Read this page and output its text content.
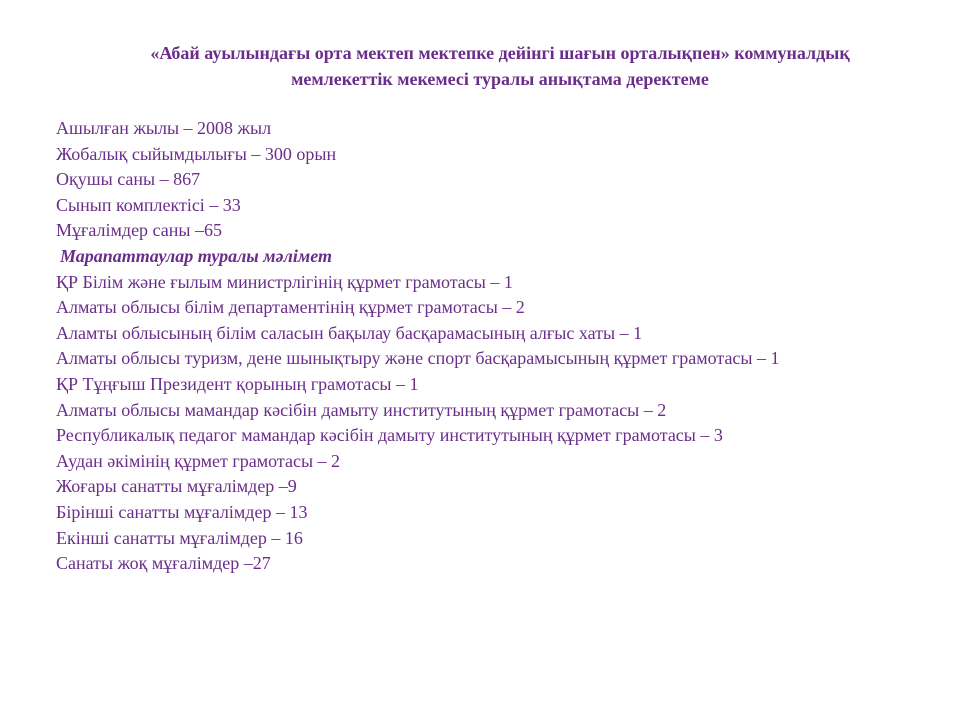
«Абай ауылындағы орта мектеп мектепке дейінгі шағын орталықпен» коммуналдық
мемлекеттік мекемесі туралы анықтама деректеме
Ашылған жылы – 2008 жыл
Жобалық сыйымдылығы – 300 орын
Оқушы саны – 867
Сынып комплектісі – 33
Мұғалімдер саны –65
Марапаттаулар туралы мәлімет
ҚР Білім және ғылым министрлігінің құрмет грамотасы – 1
Алматы облысы білім департаментінің құрмет грамотасы – 2
Аламты облысының білім саласын бақылау басқарамасының алғыс хаты – 1
Алматы облысы туризм, дене шынықтыру және спорт басқарамысының құрмет грамотасы – 1
ҚР Тұңғыш Президент қорының грамотасы – 1
Алматы облысы мамандар кәсібін дамыту институтының құрмет грамотасы – 2
Республикалық педагог мамандар кәсібін дамыту институтының құрмет грамотасы – 3
Аудан әкімінің құрмет грамотасы – 2
Жоғары санатты мұғалімдер –9
Бірінші санатты мұғалімдер – 13
Екінші санатты мұғалімдер – 16
Санаты жоқ мұғалімдер –27
